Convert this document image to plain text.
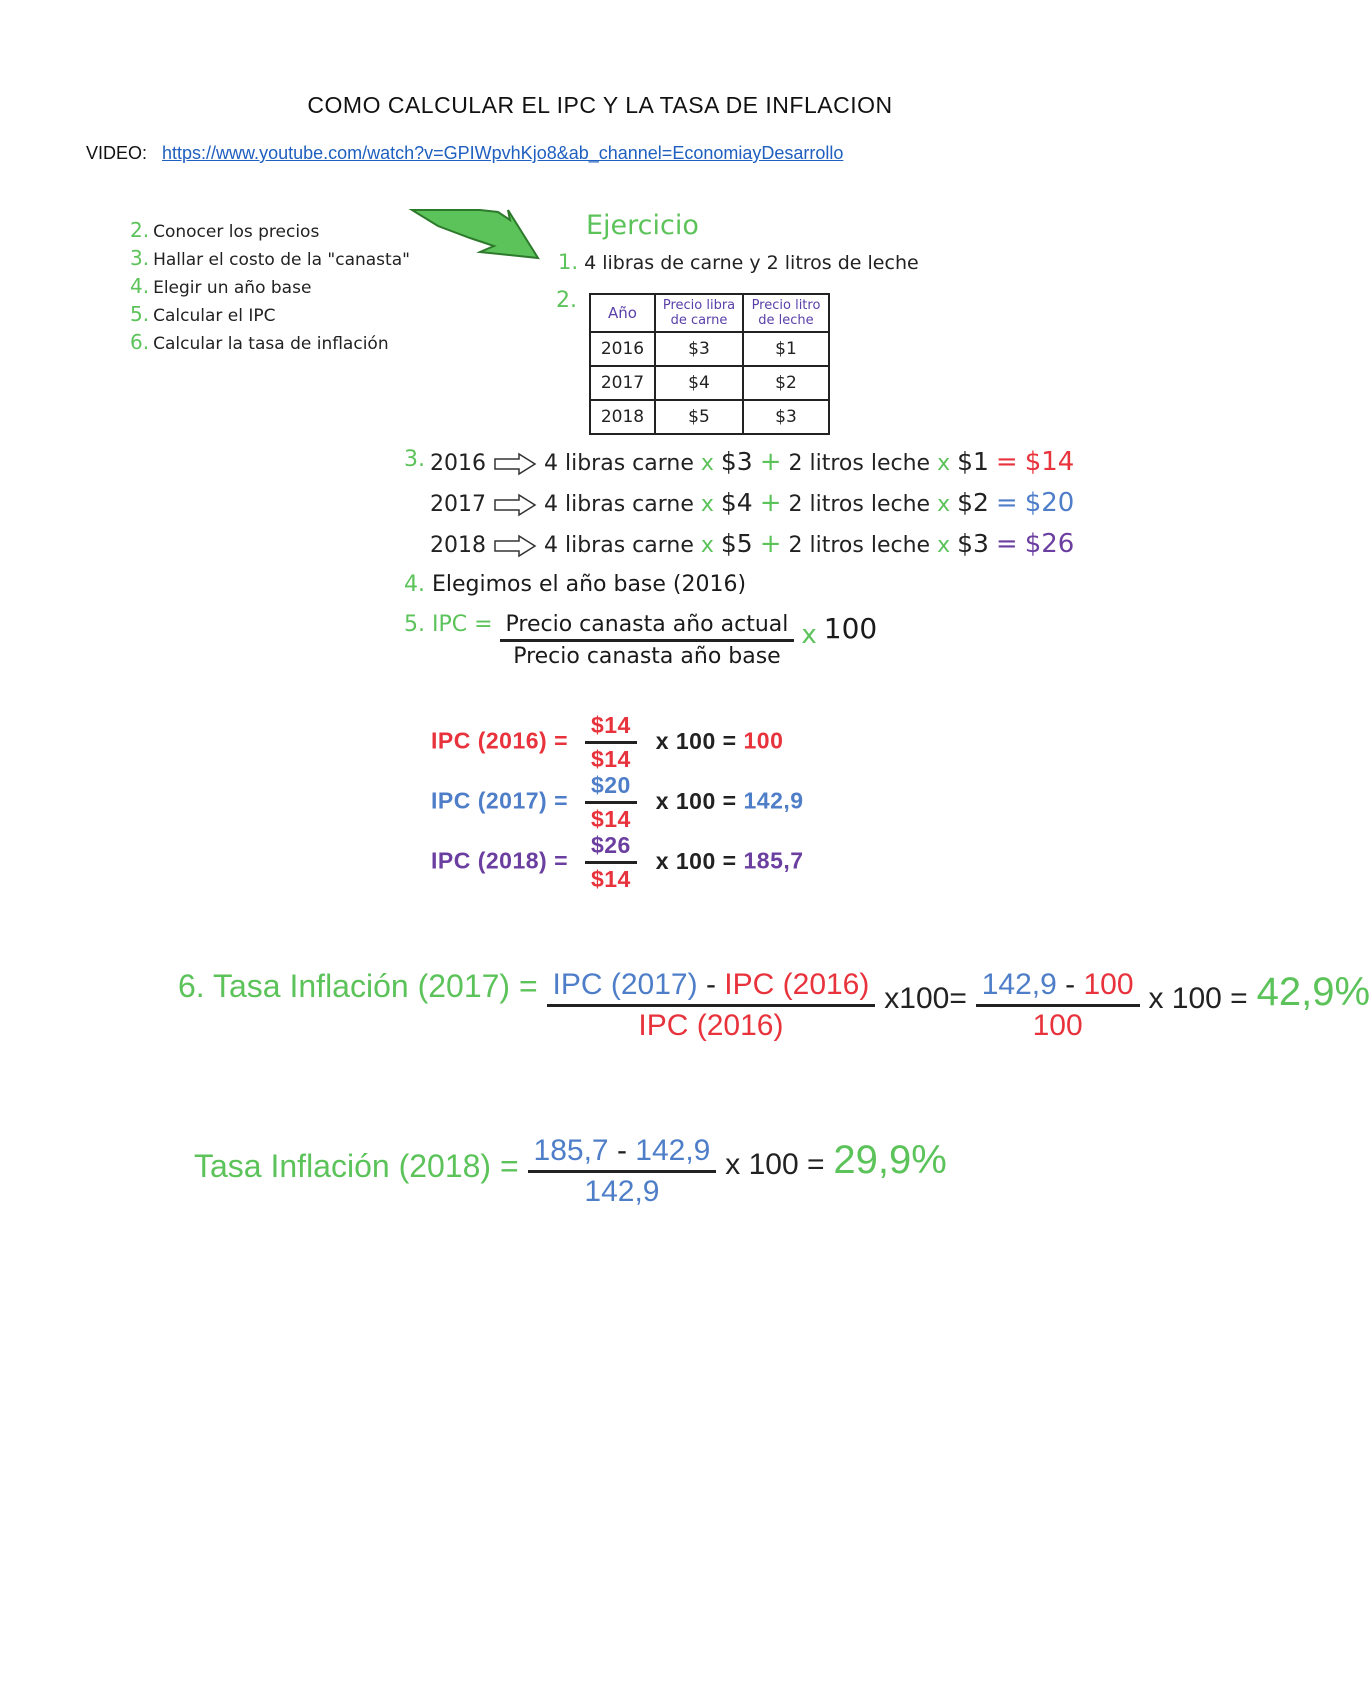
COMO CALCULAR EL IPC Y LA TASA DE INFLACION
VIDEO: https://www.youtube.com/watch?v=GPIWpvhKjo8&ab_channel=EconomiayDesarrollo
2. Conocer los precios
3. Hallar el costo de la "canasta"
4. Elegir un año base
5. Calcular el IPC
6. Calcular la tasa de inflación
Ejercicio
1. 4 libras de carne y 2 litros de leche
2. Año	Precio libra de carne	Precio litro de leche
2016	$3	$1
2017	$4	$2
2018	$5	$3
3. 2016	4 libras carne x $3 + 2 litros leche x $1 = $14
2017	4 libras carne x $4 + 2 litros leche x $2 = $20
2018	4 libras carne x $5 + 2 litros leche x $3 = $26
4. Elegimos el año base (2016)
5. IPC = $\frac{\text{Precio canasta año actual}}{\text{Precio canasta año base}}$ x 100
IPC $(2016) = \frac{\$14}{\$14}$ x 100 = 100
IPC $(2017) = \frac{\$20}{\$14}$ x 100 = 142,9
IPC $(2018) = \frac{\$26}{\$14}$ x 100 = 185,7
6. Tasa Inflación $(2017) = \frac{\text{IPC (2017) - IPC (2016)}}{\text{IPC (2016)}} x100= \frac{142,9 - 100}{100}$ x 100 = 42,9%
Tasa Inflación $(2018) = \frac{185,7 - 142,9}{142,9}$ x 100 = 29,9%
